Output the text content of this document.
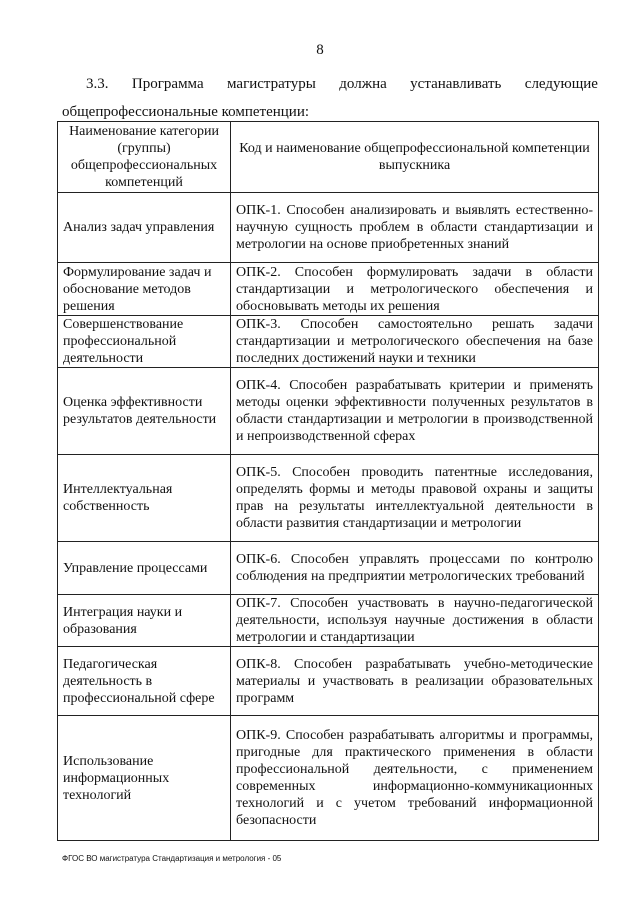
8
3.3. Программа магистратуры должна устанавливать следующие
общепрофессиональные компетенции:
Наименование категории (группы) общепрофессиональных компетенций	Код и наименование общепрофессиональной компетенции выпускника
Анализ задач управления	ОПК-1. Способен анализировать и выявлять естественно-научную сущность проблем в области стандартизации и метрологии на основе приобретенных знаний
Формулирование задач и обоснование методов решения	ОПК-2. Способен формулировать задачи в области стандартизации и метрологического обеспечения и обосновывать методы их решения
Совершенствование профессиональной деятельности	ОПК-3. Способен самостоятельно решать задачи стандартизации и метрологического обеспечения на базе последних достижений науки и техники
Оценка эффективности результатов деятельности	ОПК-4. Способен разрабатывать критерии и применять методы оценки эффективности полученных результатов в области стандартизации и метрологии в производственной и непроизводственной сферах
Интеллектуальная собственность	ОПК-5. Способен проводить патентные исследования, определять формы и методы правовой охраны и защиты прав на результаты интеллектуальной деятельности в области развития стандартизации и метрологии
Управление процессами	ОПК-6. Способен управлять процессами по контролю соблюдения на предприятии метрологических требований
Интеграция науки и образования	ОПК-7. Способен участвовать в научно-педагогической деятельности, используя научные достижения в области метрологии и стандартизации
Педагогическая деятельность в профессиональной сфере	ОПК-8. Способен разрабатывать учебно-методические материалы и участвовать в реализации образовательных программ
Использование информационных технологий	ОПК-9. Способен разрабатывать алгоритмы и программы, пригодные для практического применения в области профессиональной деятельности, с применением современных информационно-коммуникационных технологий и с учетом требований информационной безопасности
ФГОС ВО магистратура Стандартизация и метрология - 05
